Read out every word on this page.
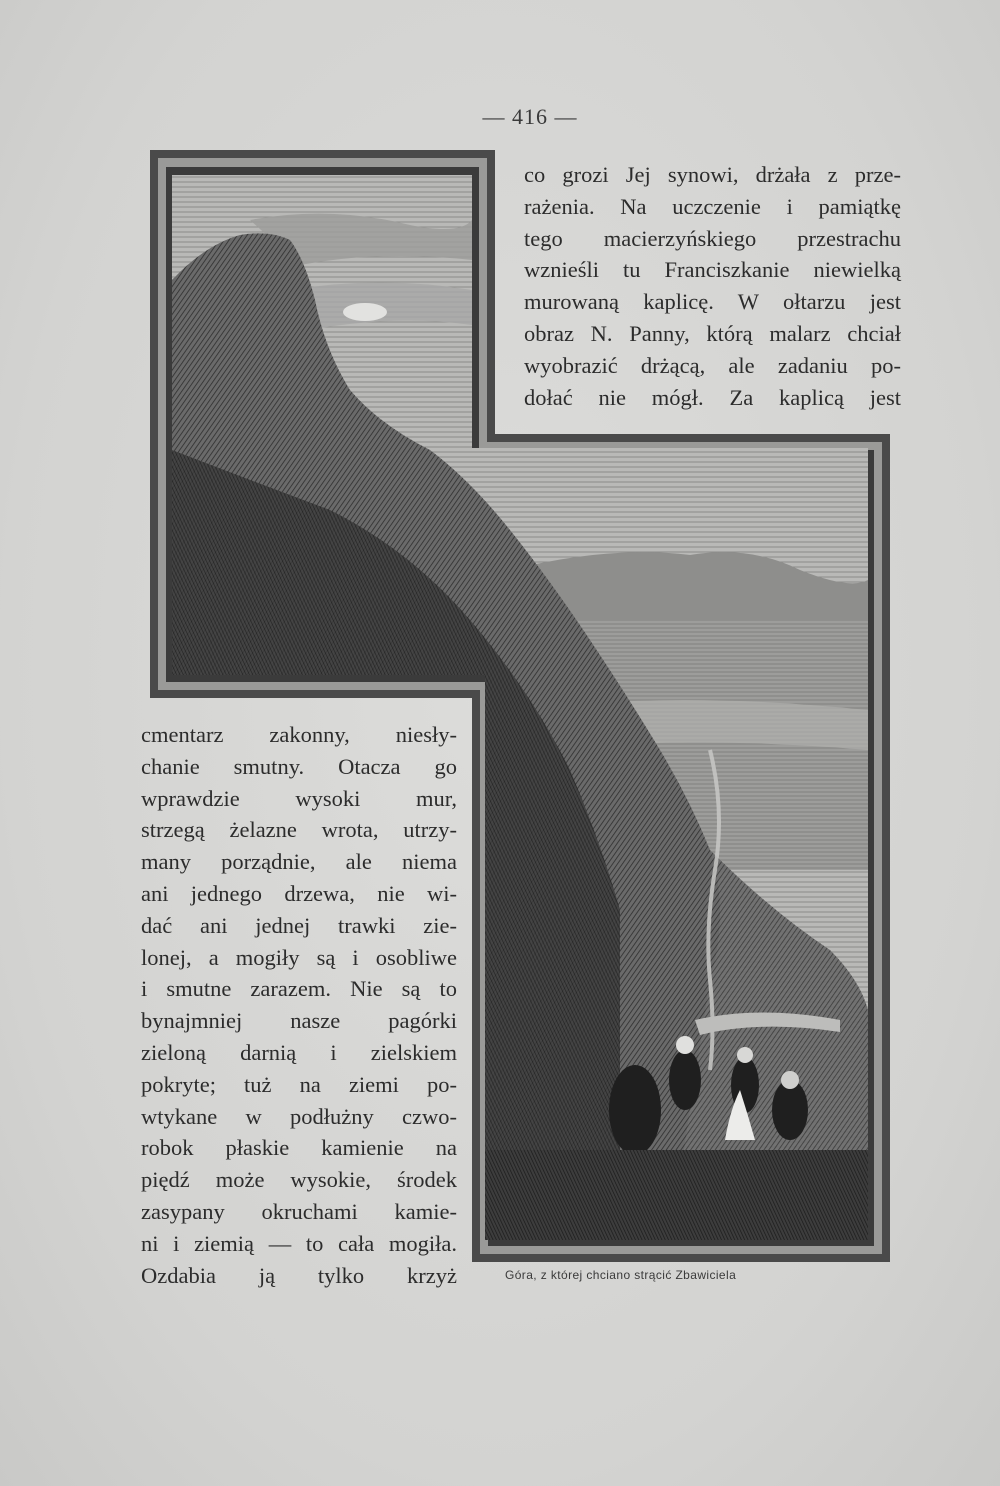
— 416 —
co grozi Jej synowi, drżała z prze-
rażenia. Na uczczenie i pamiątkę
tego macierzyńskiego przestrachu
wznieśli tu Franciszkanie niewielką
murowaną kaplicę. W ołtarzu jest
obraz N. Panny, którą malarz chciał
wyobrazić drżącą, ale zadaniu po-
dołać nie mógł. Za kaplicą jest
cmentarz zakonny, niesły-
chanie smutny. Otacza go
wprawdzie wysoki mur,
strzegą żelazne wrota, utrzy-
many porządnie, ale niema
ani jednego drzewa, nie wi-
dać ani jednej trawki zie-
lonej, a mogiły są i osobliwe
i smutne zarazem. Nie są to
bynajmniej nasze pagórki
zieloną darnią i zielskiem
pokryte; tuż na ziemi po-
wtykane w podłużny czwo-
robok płaskie kamienie na
piędź może wysokie, środek
zasypany okruchami kamie-
ni i ziemią — to cała mogiła.
Ozdabia ją tylko krzyż	Góra, z której chciano strącić Zbawiciela
